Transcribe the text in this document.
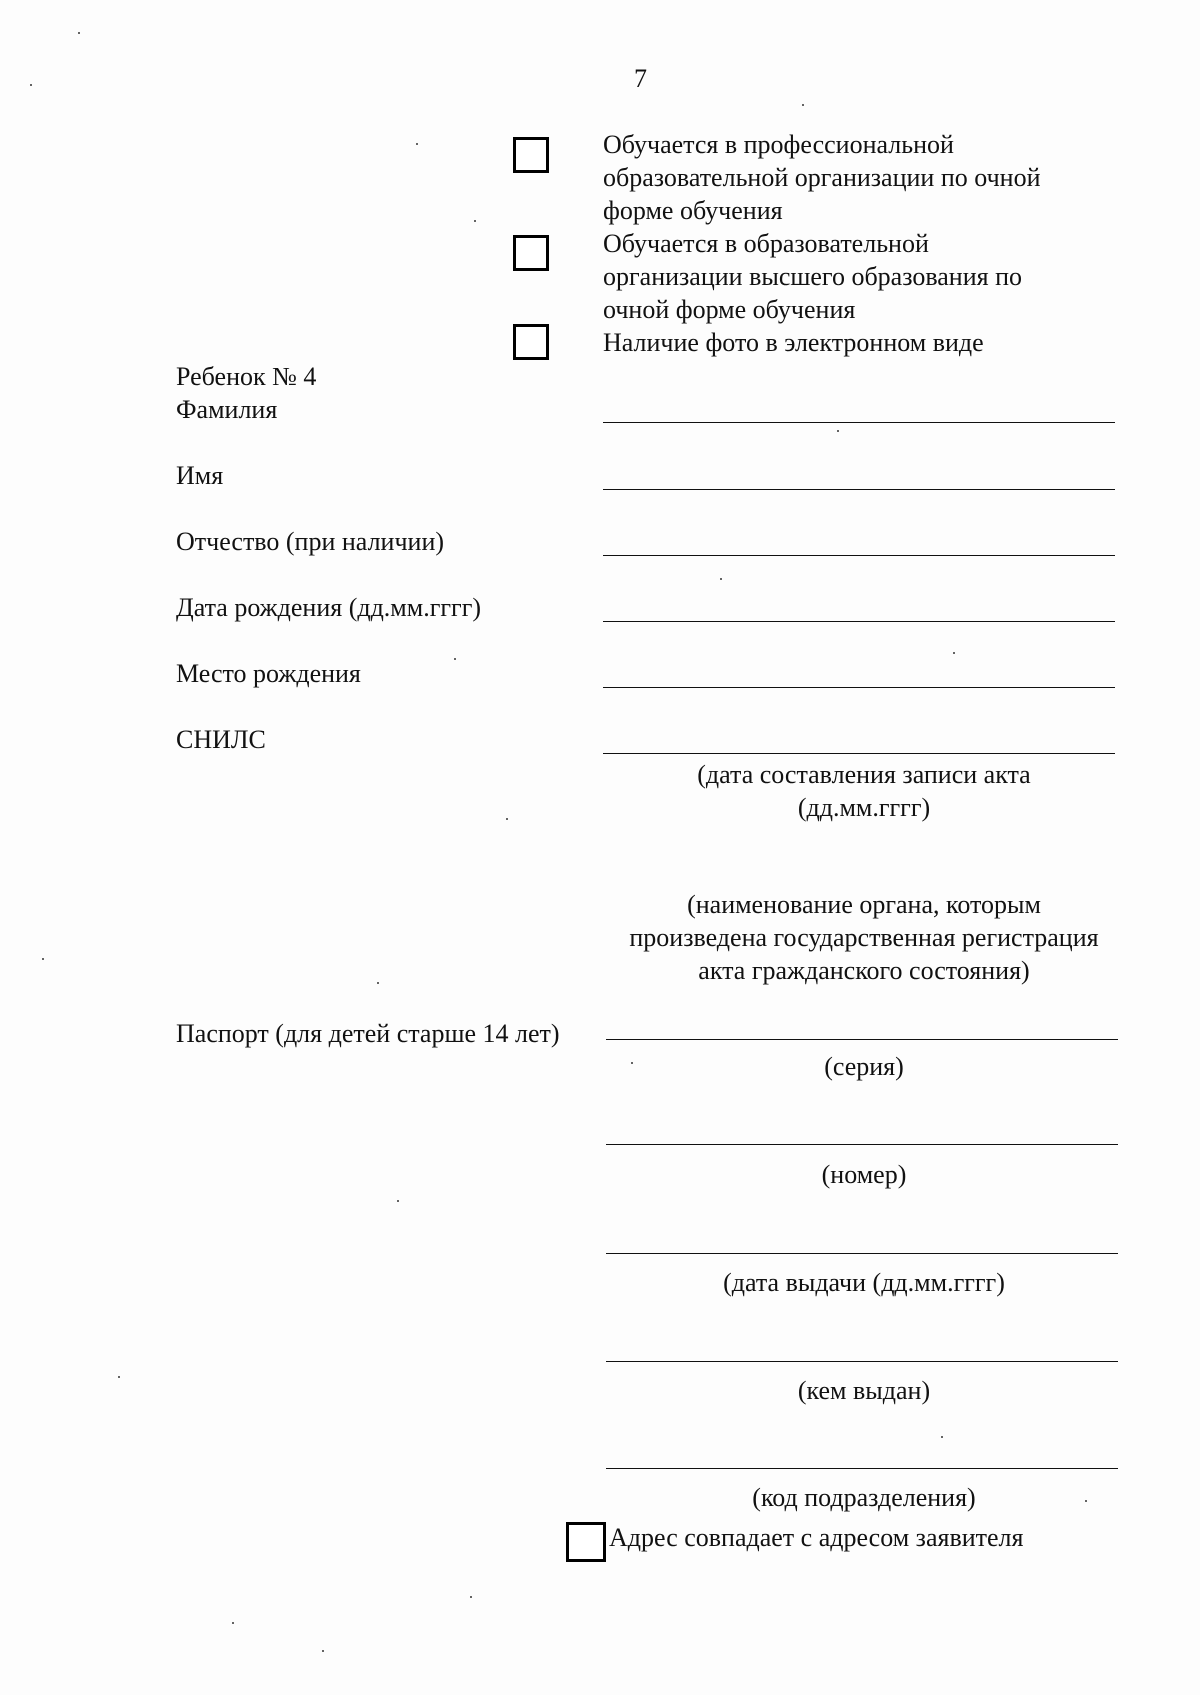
7
Обучается в профессиональной
образовательной организации по очной
форме обучения
Обучается в образовательной
организации высшего образования по
очной форме обучения
Наличие фото в электронном виде
Ребенок № 4
Фамилия
Имя
Отчество (при наличии)
Дата рождения (дд.мм.гггг)
Место рождения
СНИЛС
(дата составления записи акта
(дд.мм.гггг)
(наименование органа, которым
произведена государственная регистрация
акта гражданского состояния)
Паспорт (для детей старше 14 лет)
(серия)
(номер)
(дата выдачи (дд.мм.гггг)
(кем выдан)
(код подразделения)
Адрес совпадает с адресом заявителя
